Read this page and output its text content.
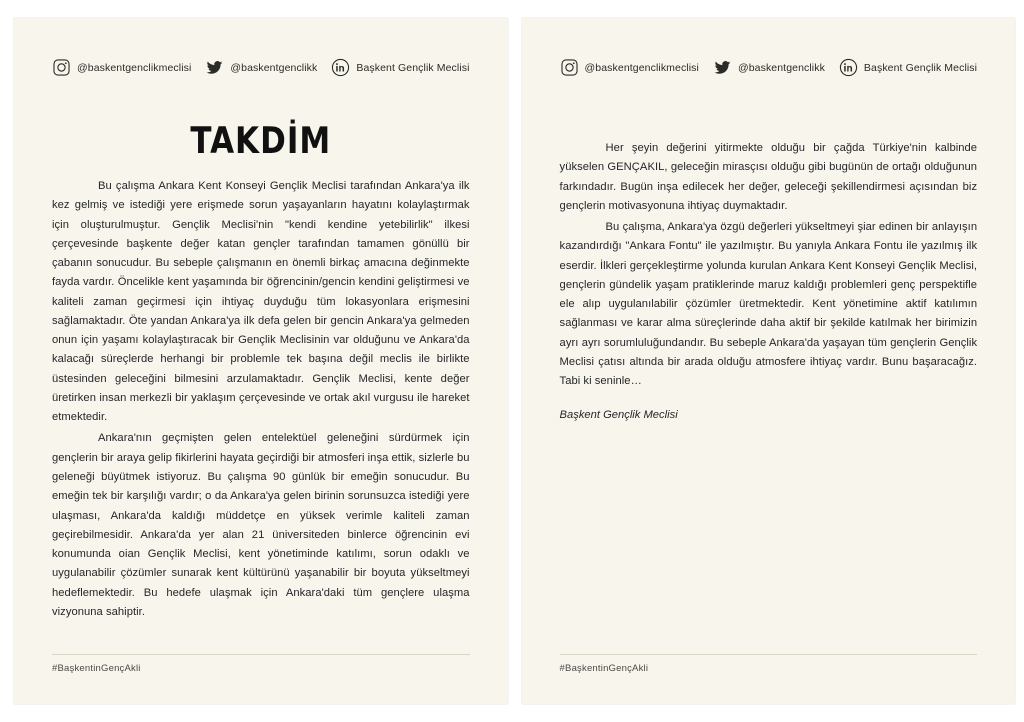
@baskentgenclikmeclisi	@baskentgenclikk	Başkent Gençlik Meclisi
TAKDİM

Bu çalışma Ankara Kent Konseyi Gençlik Meclisi tarafından Ankara'ya ilk kez gelmiş ve istediği yere erişmede sorun yaşayanların hayatını kolaylaştırmak için oluşturulmuştur. Gençlik Meclisi'nin "kendi kendine yetebilirlik" ilkesi çerçevesinde başkente değer katan gençler tarafından tamamen gönüllü bir çabanın sonucudur. Bu sebeple çalışmanın en önemli birkaç amacına değinmekte fayda vardır. Öncelikle kent yaşamında bir öğrencinin/gencin kendini geliştirmesi ve kaliteli zaman geçirmesi için ihtiyaç duyduğu tüm lokasyonlara erişmesini sağlamaktadır. Öte yandan Ankara'ya ilk defa gelen bir gencin Ankara'ya gelmeden onun için yaşamı kolaylaştıracak bir Gençlik Meclisinin var olduğunu ve Ankara'da kalacağı süreçlerde herhangi bir problemle tek başına değil meclis ile birlikte üstesinden geleceğini bilmesini arzulamaktadır. Gençlik Meclisi, kente değer üretirken insan merkezli bir yaklaşım çerçevesinde ve ortak akıl vurgusu ile hareket etmektedir.

Ankara'nın geçmişten gelen entelektüel geleneğini sürdürmek için gençlerin bir araya gelip fikirlerini hayata geçirdiği bir atmosferi inşa ettik, sizlerle bu geleneği büyütmek istiyoruz. Bu çalışma 90 günlük bir emeğin sonucudur. Bu emeğin tek bir karşılığı vardır; o da Ankara'ya gelen birinin sorunsuzca istediği yere ulaşması, Ankara'da kaldığı müddetçe en yüksek verimle kaliteli zaman geçirebilmesidir. Ankara'da yer alan 21 üniversiteden binlerce öğrencinin evi konumunda oian Gençlik Meclisi, kent yönetiminde katılımı, sorun odaklı ve uygulanabilir çözümler sunarak kent kültürünü yaşanabilir bir boyuta yükseltmeyi hedeflemektedir. Bu hedefe ulaşmak için Ankara'daki tüm gençlere ulaşma vizyonuna sahiptir.

#BaşkentinGençAkli
@baskentgenclikmeclisi	@baskentgenclikk	Başkent Gençlik Meclisi

Her şeyin değerini yitirmekte olduğu bir çağda Türkiye'nin kalbinde yükselen GENÇAKIL, geleceğin mirasçısı olduğu gibi bugünün de ortağı olduğunun farkındadır. Bugün inşa edilecek her değer, geleceği şekillendirmesi açısından biz gençlerin motivasyonuna ihtiyaç duymaktadır.

Bu çalışma, Ankara'ya özgü değerleri yükseltmeyi şiar edinen bir anlayışın kazandırdığı "Ankara Fontu" ile yazılmıştır. Bu yanıyla Ankara Fontu ile yazılmış ilk eserdir. İlkleri gerçekleştirme yolunda kurulan Ankara Kent Konseyi Gençlik Meclisi, gençlerin gündelik yaşam pratiklerinde maruz kaldığı problemleri genç perspektifle ele alıp uygulanılabilir çözümler üretmektedir. Kent yönetimine aktif katılımın sağlanması ve karar alma süreçlerinde daha aktif bir şekilde katılmak her birimizin ayrı ayrı sorumluluğundandır. Bu sebeple Ankara'da yaşayan tüm gençlerin Gençlik Meclisi çatısı altında bir arada olduğu atmosfere ihtiyaç vardır. Bunu başaracağız. Tabi ki seninle…

Başkent Gençlik Meclisi
#BaşkentinGençAkli
